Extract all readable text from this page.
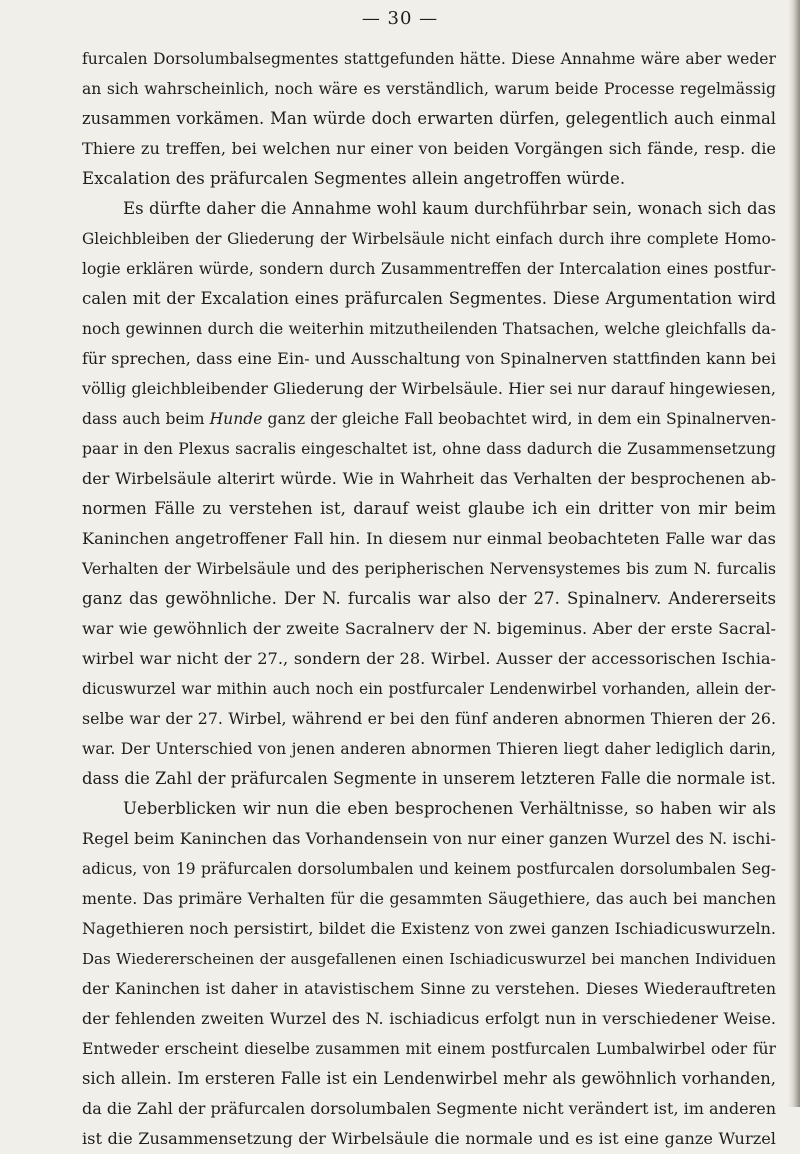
— 30 —
furcalen Dorsolumbalsegmentes stattgefunden hätte. Diese Annahme wäre aber weder
an sich wahrscheinlich, noch wäre es verständlich, warum beide Processe regelmässig
zusammen vorkämen. Man würde doch erwarten dürfen, gelegentlich auch einmal
Thiere zu treffen, bei welchen nur einer von beiden Vorgängen sich fände, resp. die
Excalation des präfurcalen Segmentes allein angetroffen würde.
Es dürfte daher die Annahme wohl kaum durchführbar sein, wonach sich das
Gleichbleiben der Gliederung der Wirbelsäule nicht einfach durch ihre complete Homo-
logie erklären würde, sondern durch Zusammentreffen der Intercalation eines postfur-
calen mit der Excalation eines präfurcalen Segmentes. Diese Argumentation wird
noch gewinnen durch die weiterhin mitzutheilenden Thatsachen, welche gleichfalls da-
für sprechen, dass eine Ein- und Ausschaltung von Spinalnerven stattfinden kann bei
völlig gleichbleibender Gliederung der Wirbelsäule. Hier sei nur darauf hingewiesen,
dass auch beim Hunde ganz der gleiche Fall beobachtet wird, in dem ein Spinalnerven-
paar in den Plexus sacralis eingeschaltet ist, ohne dass dadurch die Zusammensetzung
der Wirbelsäule alterirt würde. Wie in Wahrheit das Verhalten der besprochenen ab-
normen Fälle zu verstehen ist, darauf weist glaube ich ein dritter von mir beim
Kaninchen angetroffener Fall hin. In diesem nur einmal beobachteten Falle war das
Verhalten der Wirbelsäule und des peripherischen Nervensystemes bis zum N. furcalis
ganz das gewöhnliche. Der N. furcalis war also der 27. Spinalnerv. Andererseits
war wie gewöhnlich der zweite Sacralnerv der N. bigeminus. Aber der erste Sacral-
wirbel war nicht der 27., sondern der 28. Wirbel. Ausser der accessorischen Ischia-
dicuswurzel war mithin auch noch ein postfurcaler Lendenwirbel vorhanden, allein der-
selbe war der 27. Wirbel, während er bei den fünf anderen abnormen Thieren der 26.
war. Der Unterschied von jenen anderen abnormen Thieren liegt daher lediglich darin,
dass die Zahl der präfurcalen Segmente in unserem letzteren Falle die normale ist.
Ueberblicken wir nun die eben besprochenen Verhältnisse, so haben wir als
Regel beim Kaninchen das Vorhandensein von nur einer ganzen Wurzel des N. ischi-
adicus, von 19 präfurcalen dorsolumbalen und keinem postfurcalen dorsolumbalen Seg-
mente. Das primäre Verhalten für die gesammten Säugethiere, das auch bei manchen
Nagethieren noch persistirt, bildet die Existenz von zwei ganzen Ischiadicuswurzeln.
Das Wiedererscheinen der ausgefallenen einen Ischiadicuswurzel bei manchen Individuen
der Kaninchen ist daher in atavistischem Sinne zu verstehen. Dieses Wiederauftreten
der fehlenden zweiten Wurzel des N. ischiadicus erfolgt nun in verschiedener Weise.
Entweder erscheint dieselbe zusammen mit einem postfurcalen Lumbalwirbel oder für
sich allein. Im ersteren Falle ist ein Lendenwirbel mehr als gewöhnlich vorhanden,
da die Zahl der präfurcalen dorsolumbalen Segmente nicht verändert ist, im anderen
ist die Zusammensetzung der Wirbelsäule die normale und es ist eine ganze Wurzel
